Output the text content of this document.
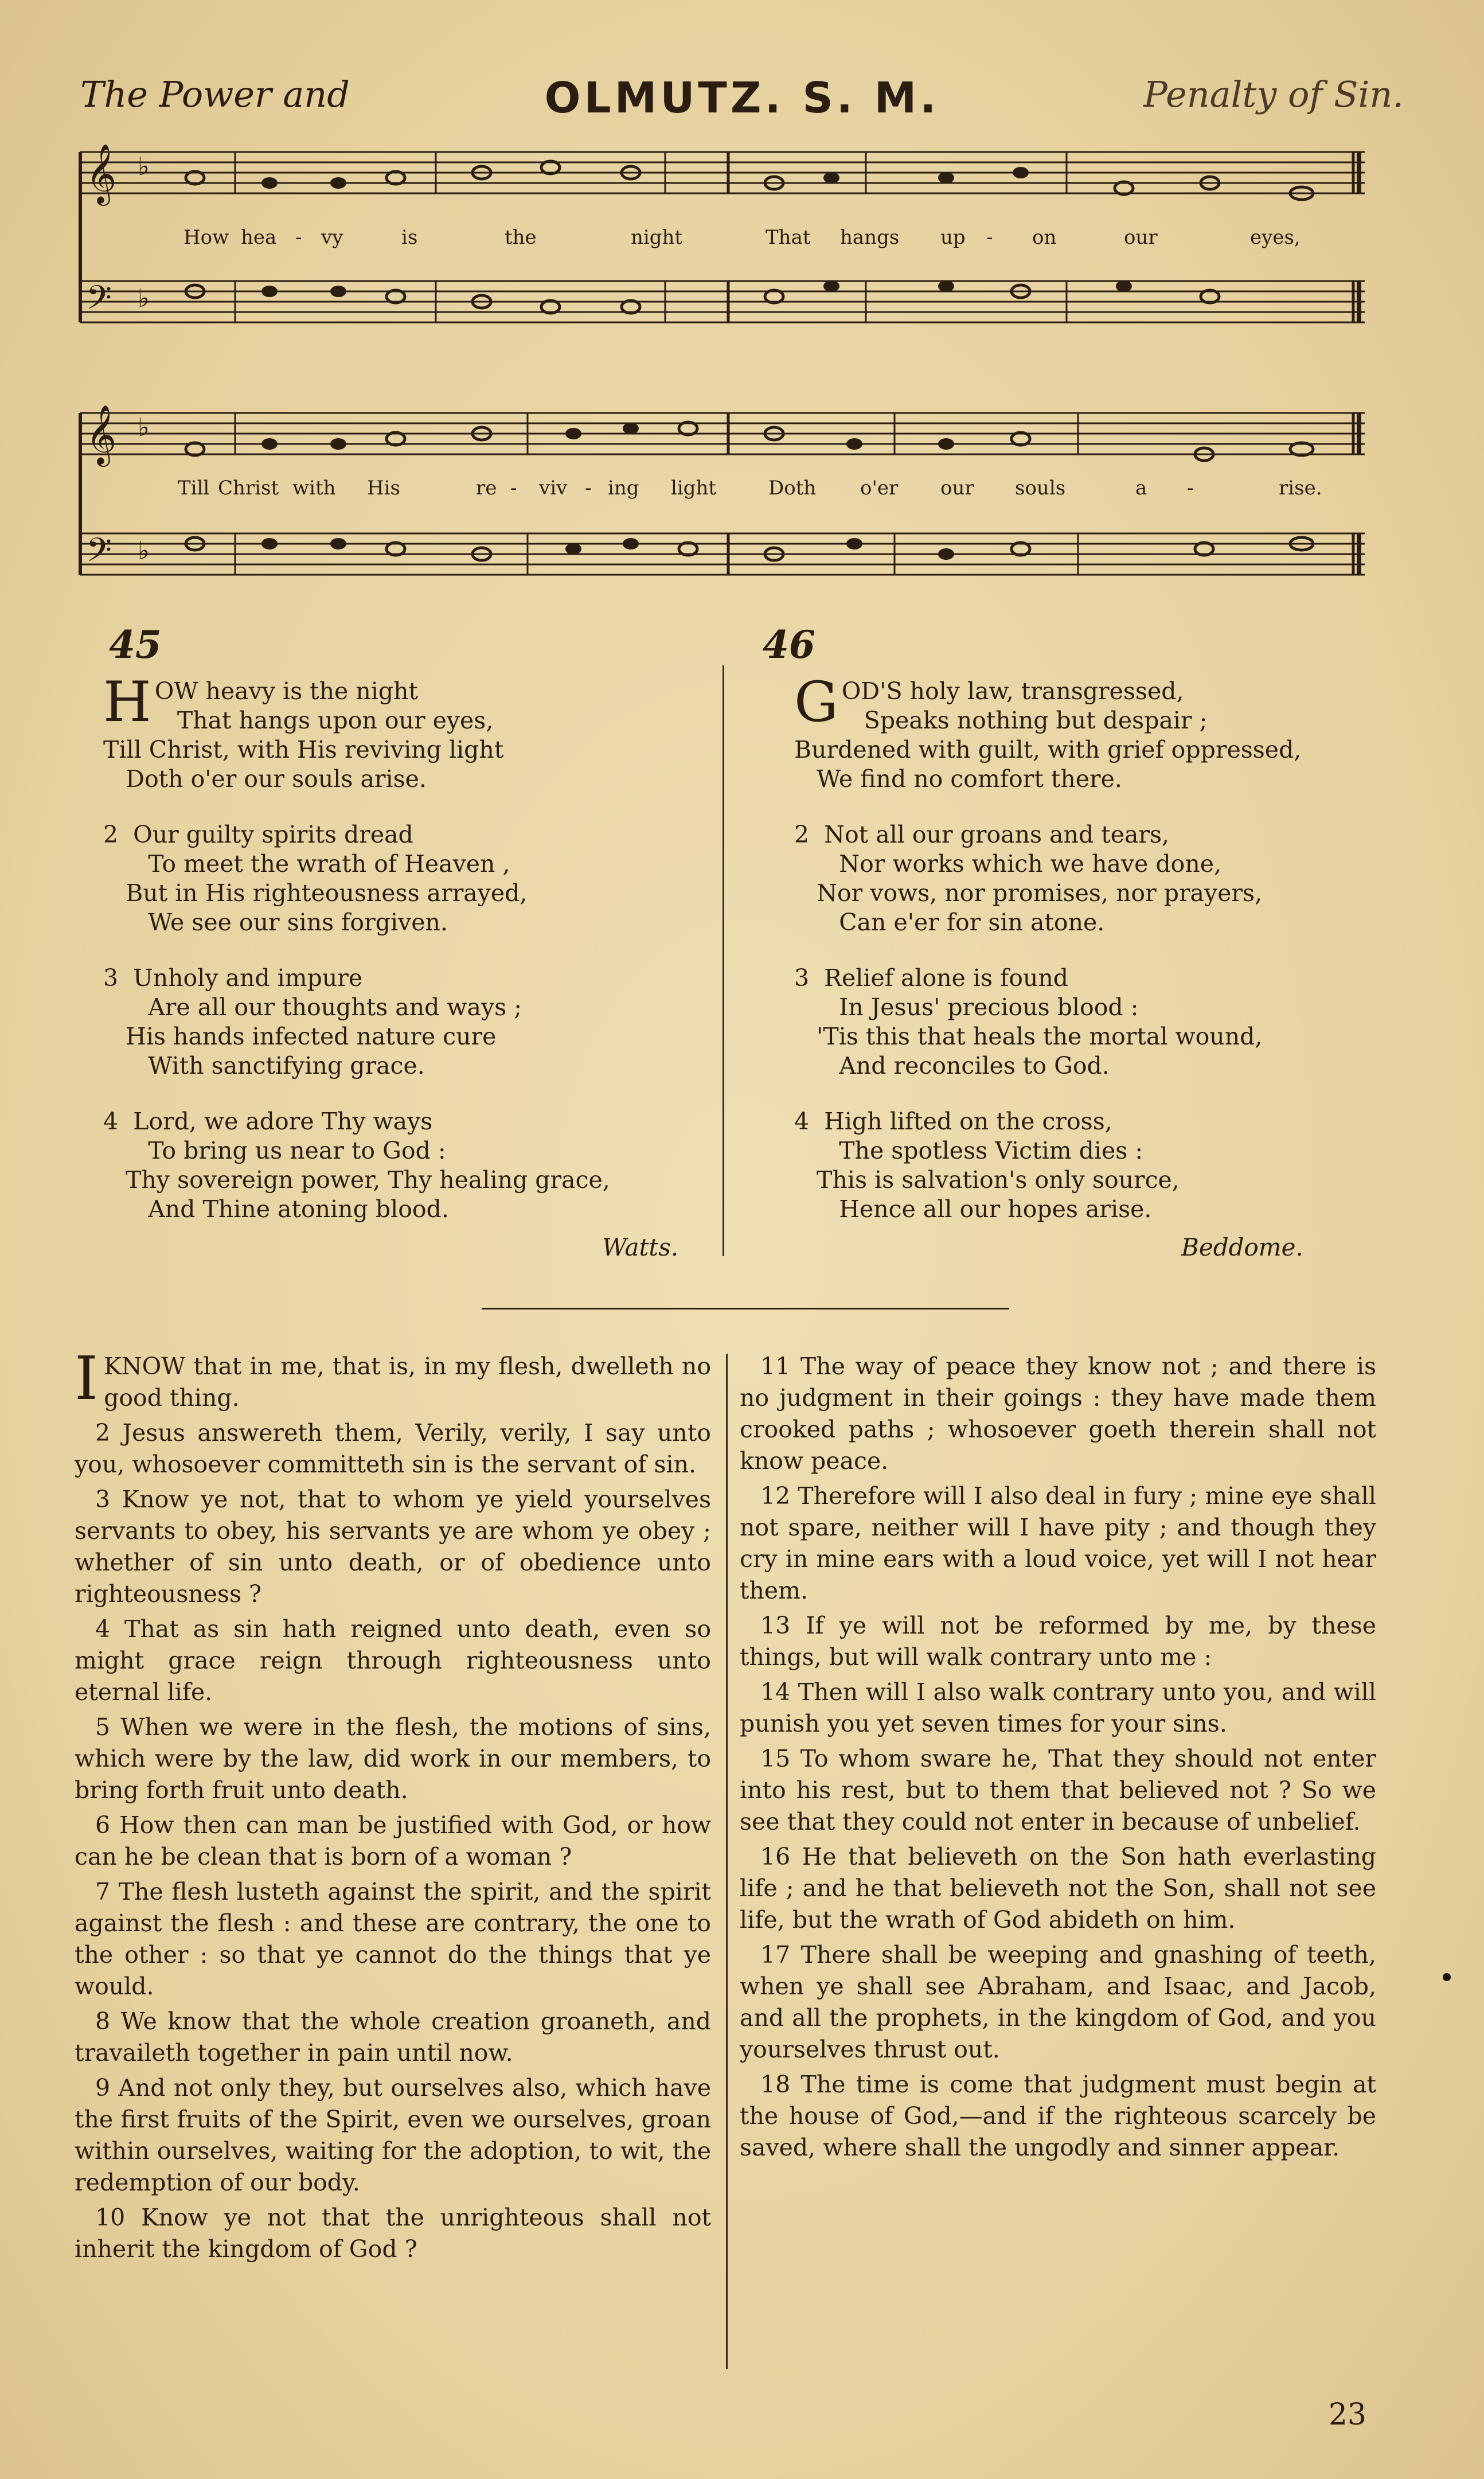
The Power and	OLMUTZ. S. M.	Penalty of Sin.
𝄞
𝄢
♭
♭
How hea - vy	is	the	night	That hangs up - on	our	eyes,
𝄞
𝄢
♭
♭
Till Christ with His	re - viv - ing light	Doth o'er our souls	a -	rise.
45
HOW heavy is the night
That hangs upon our eyes,
Till Christ, with His reviving light
Doth o'er our souls arise.
2  Our guilty spirits dread
To meet the wrath of Heaven ,
But in His righteousness arrayed,
We see our sins forgiven.
3  Unholy and impure
Are all our thoughts and ways ;
His hands infected nature cure
With sanctifying grace.
4  Lord, we adore Thy ways
To bring us near to God :
Thy sovereign power, Thy healing grace,
And Thine atoning blood.
Watts.
46
GOD'S holy law, transgressed,
Speaks nothing but despair ;
Burdened with guilt, with grief oppressed,
We find no comfort there.
2  Not all our groans and tears,
Nor works which we have done,
Nor vows, nor promises, nor prayers,
Can e'er for sin atone.
3  Relief alone is found
In Jesus' precious blood :
'Tis this that heals the mortal wound,
And reconciles to God.
4  High lifted on the cross,
The spotless Victim dies :
This is salvation's only source,
Hence all our hopes arise.
Beddome.

IKNOW that in me, that is, in my flesh, dwelleth no good thing.

2 Jesus answereth them, Verily, verily, I say unto you, whosoever committeth sin is the servant of sin.

3 Know ye not, that to whom ye yield yourselves servants to obey, his servants ye are whom ye obey ; whether of sin unto death, or of obedience unto righteousness ?

4 That as sin hath reigned unto death, even so might grace reign through righteousness unto eternal life.

5 When we were in the flesh, the motions of sins, which were by the law, did work in our members, to bring forth fruit unto death.

6 How then can man be justified with God, or how can he be clean that is born of a woman ?

7 The flesh lusteth against the spirit, and the spirit against the flesh : and these are contrary, the one to the other : so that ye cannot do the things that ye would.

8 We know that the whole creation groaneth, and travaileth together in pain until now.

9 And not only they, but ourselves also, which have the first fruits of the Spirit, even we ourselves, groan within ourselves, waiting for the adoption, to wit, the redemption of our body.

10 Know ye not that the unrighteous shall not inherit the kingdom of God ?

11 The way of peace they know not ; and there is no judgment in their goings : they have made them crooked paths ; whosoever goeth therein shall not know peace.

12 Therefore will I also deal in fury ; mine eye shall not spare, neither will I have pity ; and though they cry in mine ears with a loud voice, yet will I not hear them.

13 If ye will not be reformed by me, by these things, but will walk contrary unto me :

14 Then will I also walk contrary unto you, and will punish you yet seven times for your sins.

15 To whom sware he, That they should not enter into his rest, but to them that believed not ? So we see that they could not enter in because of unbelief.

16 He that believeth on the Son hath everlasting life ; and he that believeth not the Son, shall not see life, but the wrath of God abideth on him.

17 There shall be weeping and gnashing of teeth, when ye shall see Abraham, and Isaac, and Jacob, and all the prophets, in the kingdom of God, and you yourselves thrust out.

18 The time is come that judgment must begin at the house of God,—and if the righteous scarcely be saved, where shall the ungodly and sinner appear.

23
